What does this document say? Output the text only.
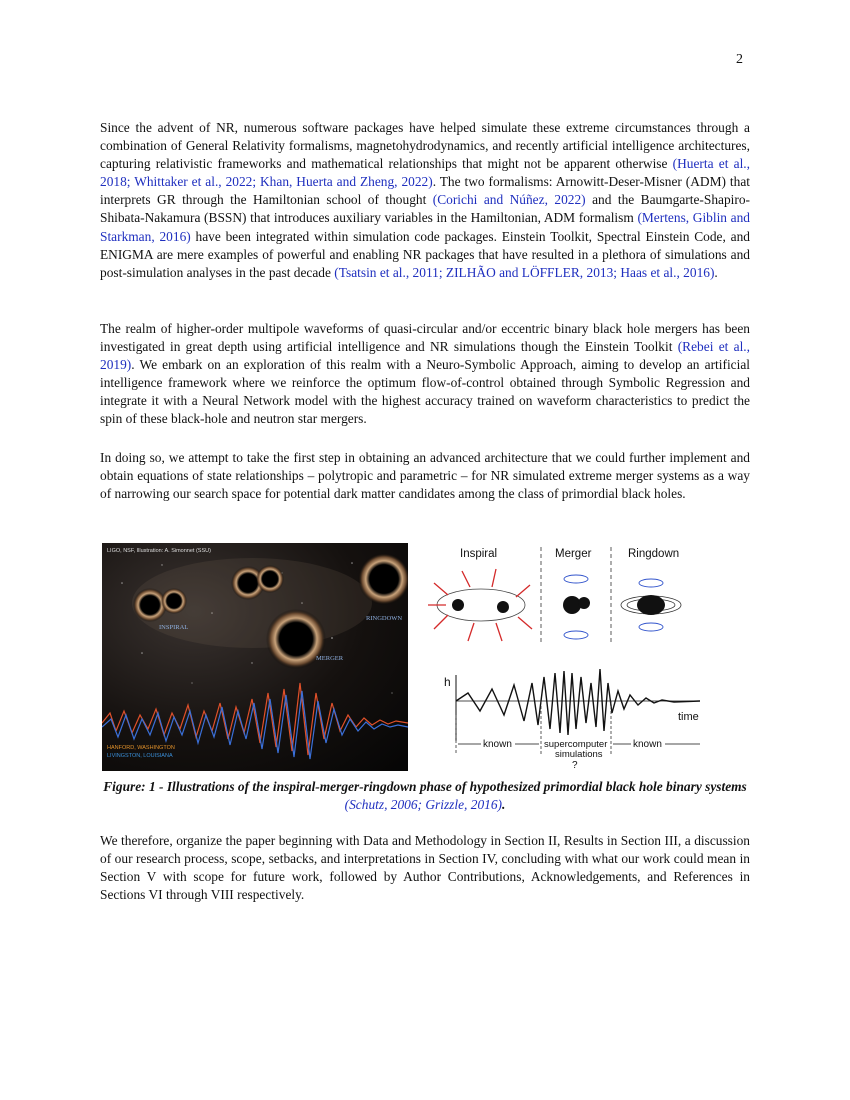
2

Since the advent of NR, numerous software packages have helped simulate these extreme circumstances through a combination of General Relativity formalisms, magnetohydrodynamics, and recently artificial intelligence architectures, capturing relativistic frameworks and mathematical relationships that might not be apparent otherwise (Huerta et al., 2018; Whittaker et al., 2022; Khan, Huerta and Zheng, 2022). The two formalisms: Arnowitt-Deser-Misner (ADM) that interprets GR through the Hamiltonian school of thought (Corichi and Núñez, 2022) and the Baumgarte-Shapiro-Shibata-Nakamura (BSSN) that introduces auxiliary variables in the Hamiltonian, ADM formalism (Mertens, Giblin and Starkman, 2016) have been integrated within simulation code packages. Einstein Toolkit, Spectral Einstein Code, and ENIGMA are mere examples of powerful and enabling NR packages that have resulted in a plethora of simulations and post-simulation analyses in the past decade (Tsatsin et al., 2011; ZILHÃO and LÖFFLER, 2013; Haas et al., 2016).

The realm of higher-order multipole waveforms of quasi-circular and/or eccentric binary black hole mergers has been investigated in great depth using artificial intelligence and NR simulations though the Einstein Toolkit (Rebei et al., 2019). We embark on an exploration of this realm with a Neuro-Symbolic Approach, aiming to develop an artificial intelligence framework where we reinforce the optimum flow-of-control obtained through Symbolic Regression and integrate it with a Neural Network model with the highest accuracy trained on waveform characteristics to predict the spin of these black-hole and neutron star mergers.

In doing so, we attempt to take the first step in obtaining an advanced architecture that we could further implement and obtain equations of state relationships – polytropic and parametric – for NR simulated extreme merger systems as a way of narrowing our search space for potential dark matter candidates among the class of primordial black holes.

LIGO, NSF, Illustration: A. Simonnet (SSU)
INSPIRAL
MERGER
RINGDOWN
HANFORD, WASHINGTON
LIVINGSTON, LOUISIANA
Inspiral	Merger	Ringdown
h
time
known	known
supercomputer
simulations
?
Figure: 1 - Illustrations of the inspiral-merger-ringdown phase of hypothesized primordial black hole binary systems (Schutz, 2006; Grizzle, 2016).

We therefore, organize the paper beginning with Data and Methodology in Section II, Results in Section III, a discussion of our research process, scope, setbacks, and interpretations in Section IV, concluding with what our work could mean in Section V with scope for future work, followed by Author Contributions, Acknowledgements, and References in Sections VI through VIII respectively.
